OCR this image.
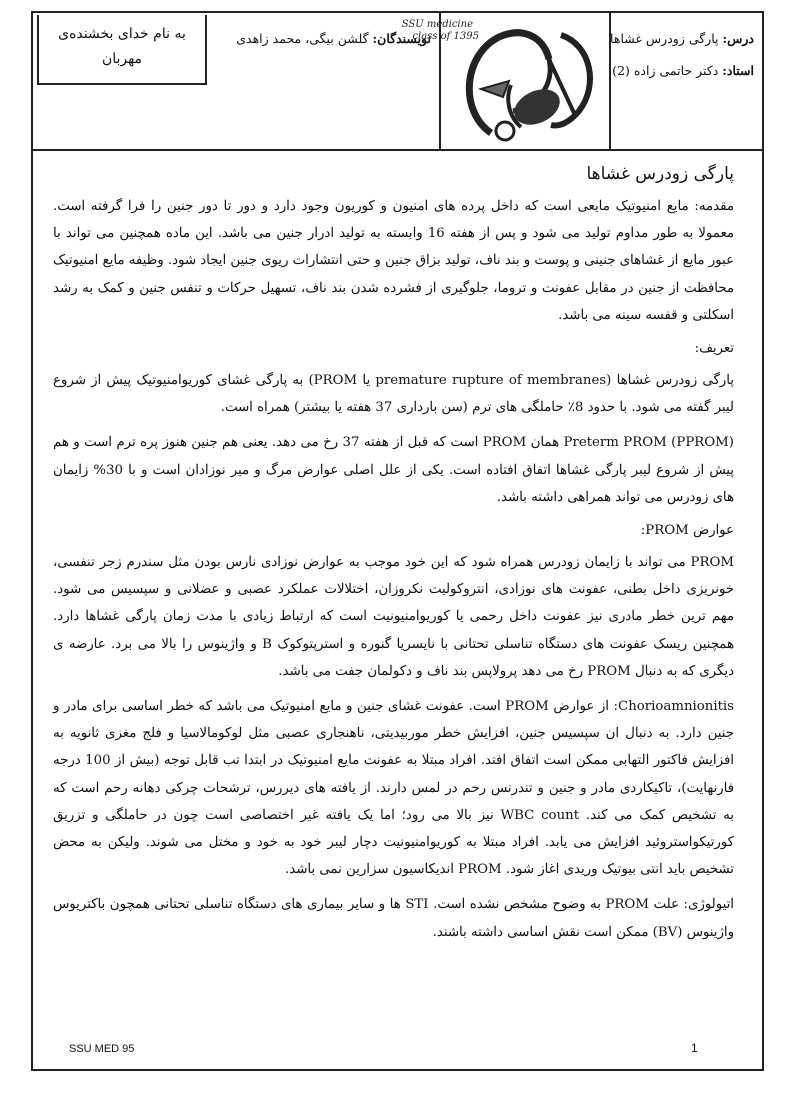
درس: پارگی زودرس غشاها
استاد: دکتر حاتمی زاده (2)
SSU medicine
class of 1395
نویسندگان: گلشن بیگی، محمد زاهدی
به نام خدای بخشنده‌ی مهربان
پارگی زودرس غشاها

مقدمه: مایع امنیوتیک مایعی است که داخل پرده های امنیون و کوریون وجود دارد و دور تا دور جنین را فرا گرفته است. معمولا به طور مداوم تولید می شود و پس از هفته 16 وابسته به تولید ادرار جنین می باشد. این ماده همچنین می تواند با عبور مایع از غشاهای جنینی و پوست و بند ناف، تولید بزاق جنین و حتی انتشارات ریوی جنین ایجاد شود. وظیفه مایع امنیوتیک محافظت از جنین در مقابل عفونت و تروما، جلوگیری از فشرده شدن بند ناف، تسهیل حرکات و تنفس جنین و کمک به رشد اسکلتی و قفسه سینه می باشد.

تعریف:

پارگی زودرس غشاها (premature rupture of membranes یا PROM) به پارگی غشای کوریوامنیوتیک پیش از شروع لیبر گفته می شود. با حدود 8٪ حاملگی های ترم (سن بارداری 37 هفته یا بیشتر) همراه است.

Preterm PROM (PPROM) همان PROM است که قبل از هفته 37 رخ می دهد. یعنی هم جنین هنوز پره ترم است و هم پیش از شروع لیبر پارگی غشاها اتفاق افتاده است. یکی از علل اصلی عوارض مرگ و میر نوزادان است و با 30% زایمان های زودرس می تواند همراهی داشته باشد.

عوارض PROM:

PROM می تواند با زایمان زودرس همراه شود که این خود موجب به عوارض نوزادی نارس بودن مثل سندرم زجر تنفسی، خونریزی داخل بطنی، عفونت های نوزادی، انتروکولیت نکروزان، اختلالات عملکرد عصبی و عضلانی و سپسیس می شود. مهم ترین خطر مادری نیز عفونت داخل رحمی یا کوریوامنیونیت است که ارتباط زیادی با مدت زمان پارگی غشاها دارد. همچنین ریسک عفونت های دستگاه تناسلی تحتانی با نایسریا گنوره و استرپتوکوک B و واژینوس را بالا می برد. عارضه ی دیگری که به دنبال PROM رخ می دهد پرولاپس بند ناف و دکولمان جفت می باشد.

Chorioamnionitis: از عوارض PROM است. عفونت غشای جنین و مایع امنیوتیک می باشد که خطر اساسی برای مادر و جنین دارد. به دنبال ان سپسیس جنین، افزایش خطر موربیدیتی، ناهنجاری عصبی مثل لوکومالاسیا و فلج مغزی ثانویه به افزایش فاکتور التهابی ممکن است اتفاق افتد. افراد مبتلا به عفونت مایع امنیوتیک در ابتدا تب قابل توجه (بیش از 100 درجه فارنهایت)، تاکیکاردی مادر و جنین و تندرنس رحم در لمس دارند. از یافته های دیررس، ترشحات چرکی دهانه رحم است که به تشخیص کمک می کند. WBC count نیز بالا می رود؛ اما یک یافته غیر اختصاصی است چون در حاملگی و تزریق کورتیکواستروئید افزایش می یابد. افراد مبتلا به کوریوامنیونیت دچار لیبر خود به خود و مختل می شوند. ولیکن به محض تشخیص باید انتی بیوتیک وریدی اغاز شود. PROM اندیکاسیون سزارین نمی باشد.

اتیولوژی: علت PROM به وضوح مشخص نشده است. STI ها و سایر بیماری های دستگاه تناسلی تحتانی همچون باکتریوس واژینوس (BV) ممکن است نقش اساسی داشته باشند.

SSU MED 95	1
